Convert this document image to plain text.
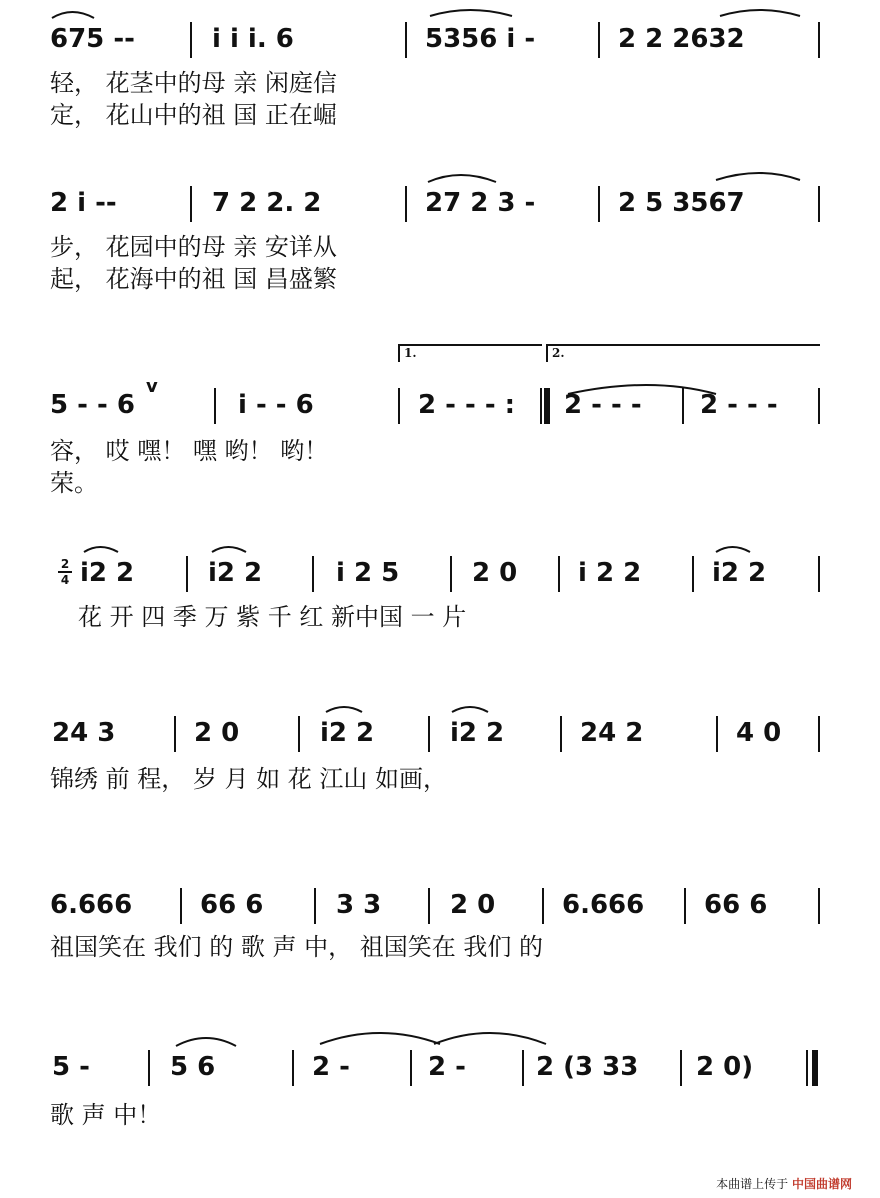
675 --	i i i. 6	5356 i -	2 2 2632
轻， 花茎中的母 亲 闲庭信
定， 花山中的祖 国 正在崛
2 i --	7 2 2. 2	27 2 3 -	2 5 3567
步， 花园中的母 亲 安详从
起， 花海中的祖 国 昌盛繁
1.	2.
5 - - 6
v
i - - 6	2 - - - : 2 - - - 2 - - -
容， 哎 嘿！ 嘿 哟！ 哟！
荣。
2
4 i2 2	i2 2	i 2 5	2 0 i 2 2	i2 2
花 开 四 季 万 紫 千 红 新中国 一 片
24 3	2 0	i2 2	i2 2	24 2	4 0
锦绣 前 程， 岁 月 如 花 江山 如画，
6.666	66 6	3 3	2 0	6.666 66 6
祖国笑在 我们 的 歌 声 中， 祖国笑在 我们 的
5 -	5 6	2 -	2 -	2 (3 33 2 0)
歌 声 中！
本曲谱上传于 中国曲谱网
